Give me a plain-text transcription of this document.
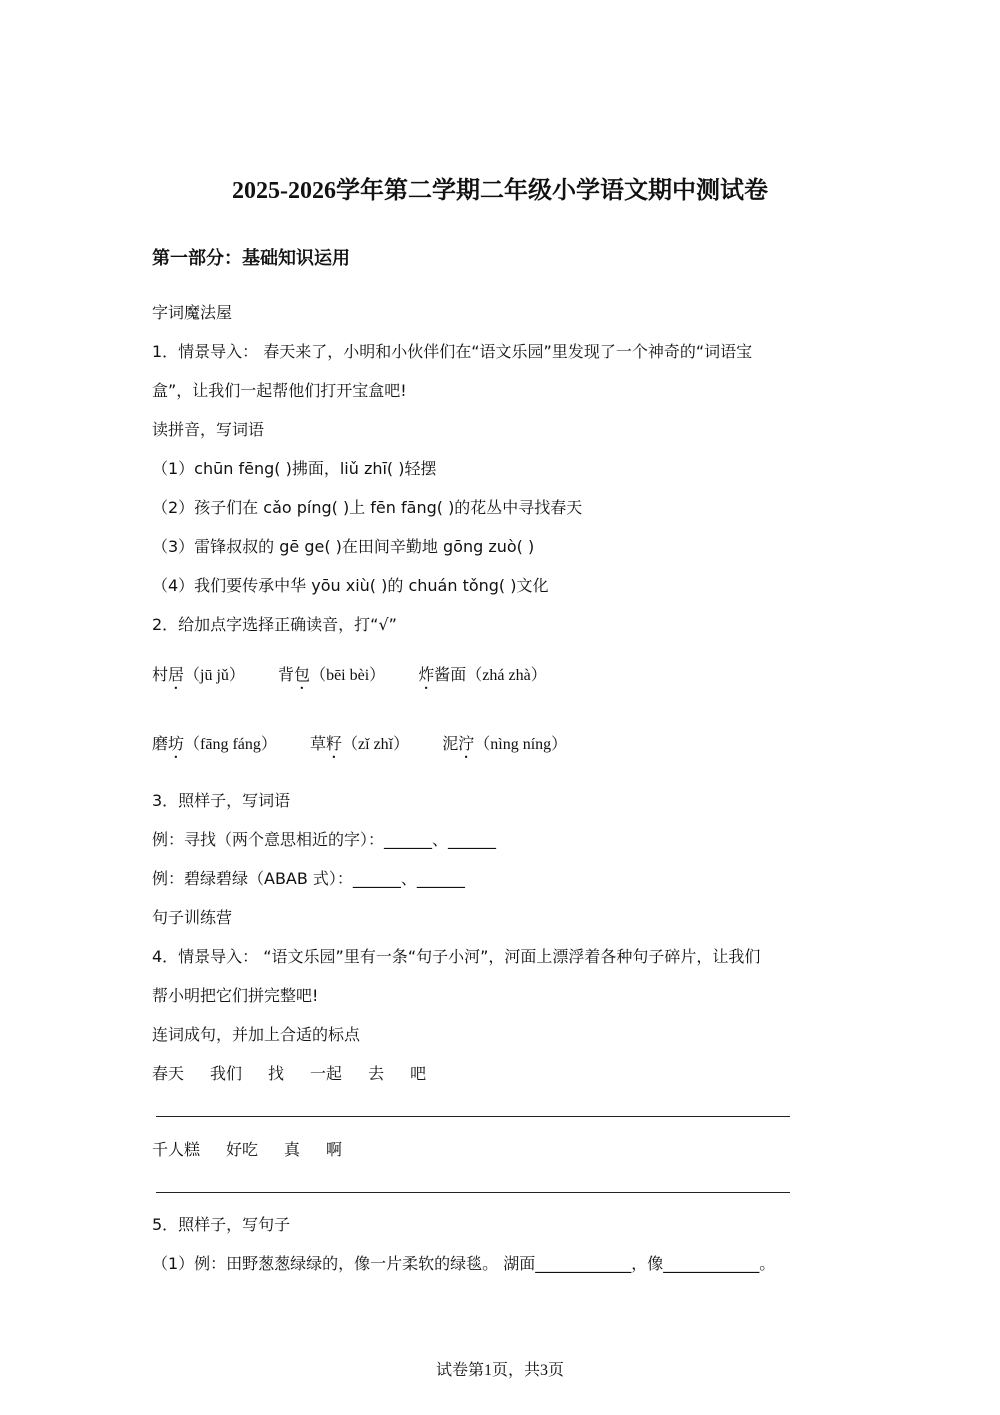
2025-2026学年第二学期二年级小学语文期中测试卷
第一部分：基础知识运用
字词魔法屋
1．情景导入： 春天来了，小明和小伙伴们在“语文乐园”里发现了一个神奇的“词语宝
盒”，让我们一起帮他们打开宝盒吧!
读拼音，写词语
（1）chūn fēng( )拂面，liǔ zhī( )轻摆
（2）孩子们在 cǎo píng( )上 fēn fāng( )的花丛中寻找春天
（3）雷锋叔叔的 gē ge( )在田间辛勤地 gōng zuò( )
（4）我们要传承中华 yōu xiù( )的 chuán tǒng( )文化
2．给加点字选择正确读音，打“√”
村居（jū jǔ） 背包（bēi bèi） 炸酱面（zhá zhà）
磨坊（fāng fáng） 草籽（zǐ zhǐ） 泥泞（nìng níng）
3．照样子，写词语
例：寻找（两个意思相近的字）：______、______
例：碧绿碧绿（ABAB 式）：______、______
句子训练营
4．情景导入： “语文乐园”里有一条“句子小河”，河面上漂浮着各种句子碎片，让我们
帮小明把它们拼完整吧!
连词成句，并加上合适的标点
春天 我们 找 一起 去 吧
千人糕 好吃 真 啊
5．照样子，写句子
（1）例：田野葱葱绿绿的，像一片柔软的绿毯。 湖面____________，像____________。
试卷第1页，共3页
